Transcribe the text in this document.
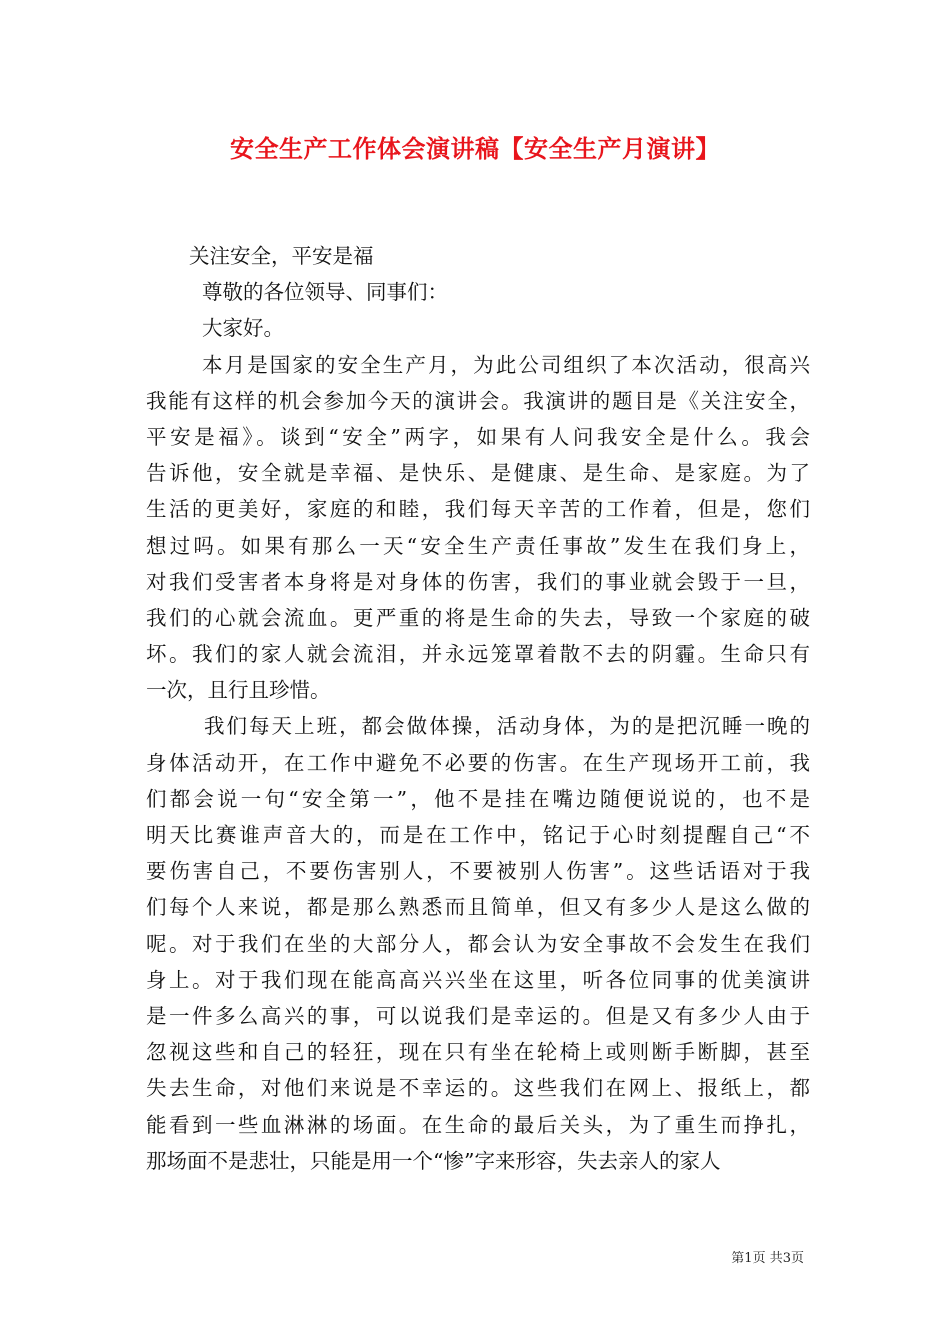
安全生产工作体会演讲稿【安全生产月演讲】
关注安全，平安是福
尊敬的各位领导、同事们：
大家好。
本月是国家的安全生产月，为此公司组织了本次活动，很高兴
我能有这样的机会参加今天的演讲会。我演讲的题目是《关注安全，
平安是福》。谈到“安全”两字，如果有人问我安全是什么。我会
告诉他，安全就是幸福、是快乐、是健康、是生命、是家庭。为了
生活的更美好，家庭的和睦，我们每天辛苦的工作着，但是，您们
想过吗。如果有那么一天“安全生产责任事故”发生在我们身上，
对我们受害者本身将是对身体的伤害，我们的事业就会毁于一旦，
我们的心就会流血。更严重的将是生命的失去，导致一个家庭的破
坏。我们的家人就会流泪，并永远笼罩着散不去的阴霾。生命只有
一次，且行且珍惜。
我们每天上班，都会做体操，活动身体，为的是把沉睡一晚的
身体活动开，在工作中避免不必要的伤害。在生产现场开工前，我
们都会说一句“安全第一”，他不是挂在嘴边随便说说的，也不是
明天比赛谁声音大的，而是在工作中，铭记于心时刻提醒自己“不
要伤害自己，不要伤害别人，不要被别人伤害”。这些话语对于我
们每个人来说，都是那么熟悉而且简单，但又有多少人是这么做的
呢。对于我们在坐的大部分人，都会认为安全事故不会发生在我们
身上。对于我们现在能高高兴兴坐在这里，听各位同事的优美演讲
是一件多么高兴的事，可以说我们是幸运的。但是又有多少人由于
忽视这些和自己的轻狂，现在只有坐在轮椅上或则断手断脚，甚至
失去生命，对他们来说是不幸运的。这些我们在网上、报纸上，都
能看到一些血淋淋的场面。在生命的最后关头，为了重生而挣扎，
那场面不是悲壮，只能是用一个“惨”字来形容，失去亲人的家人
第1页 共3页
